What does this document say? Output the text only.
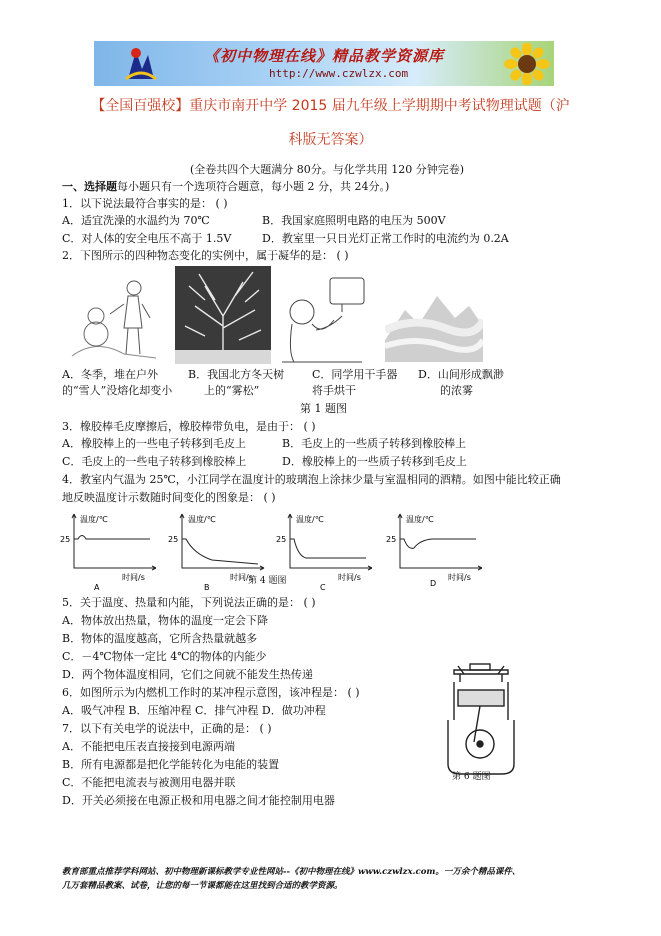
《初中物理在线》精品教学资源库
http://www.czwlzx.com
【全国百强校】重庆市南开中学 2015 届九年级上学期期中考试物理试题（沪
科版无答案）
(全卷共四个大题满分 80分。与化学共用 120 分钟完卷)
一、选择题每小题只有一个选项符合题意，每小题 2 分，共 24分。)
1．以下说法最符合事实的是： ( )
A．适宜洗澡的水温约为 70℃	B．我国家庭照明电路的电压为 500V
C．对人体的安全电压不高于 1.5V	D．教室里一只日光灯正常工作时的电流约为 0.2A
2．下图所示的四种物态变化的实例中，属于凝华的是： ( )
A．冬季，堆在户外
的“雪人”没熔化却变小
B．我国北方冬天树
上的“雾松”
C．同学用干手器
将手烘干
D．山间形成飘渺
的浓雾
第 1 题图
3．橡胶棒毛皮摩擦后，橡胶棒带负电，是由于： ( )
A．橡胶棒上的一些电子转移到毛皮上	B．毛皮上的一些质子转移到橡胶棒上
C．毛皮上的一些电子转移到橡胶棒上	D．橡胶棒上的一些质子转移到毛皮上
4．教室内气温为 25℃，小江同学在温度计的玻璃泡上涂抹少量与室温相同的酒精。如图中能比较正确
地反映温度计示数随时间变化的图象是： ( )
温度/℃
25
时间/s
A
温度/℃
25
时间/s
B
温度/℃
25
时间/s
C
温度/℃
25
时间/s
D
第 4 题图
5．关于温度、热量和内能，下列说法正确的是： ( )
A．物体放出热量，物体的温度一定会下降
B．物体的温度越高，它所含热量就越多
C．－4℃物体一定比 4℃的物体的内能少
D．两个物体温度相同，它们之间就不能发生热传递
6．如图所示为内燃机工作时的某冲程示意图，该冲程是： ( )
A．吸气冲程 B．压缩冲程 C．排气冲程 D．做功冲程
第 6 题图
7．以下有关电学的说法中，正确的是： ( )
A．不能把电压表直接接到电源两端
B．所有电源都是把化学能转化为电能的装置
C．不能把电流表与被测用电器并联
D．开关必须接在电源正极和用电器之间才能控制用电器
教育部重点推荐学科网站、初中物理新课标教学专业性网站--《初中物理在线》www.czwlzx.com。一万余个精品课件、
几万套精品教案、试卷，让您的每一节课都能在这里找到合适的教学资源。
